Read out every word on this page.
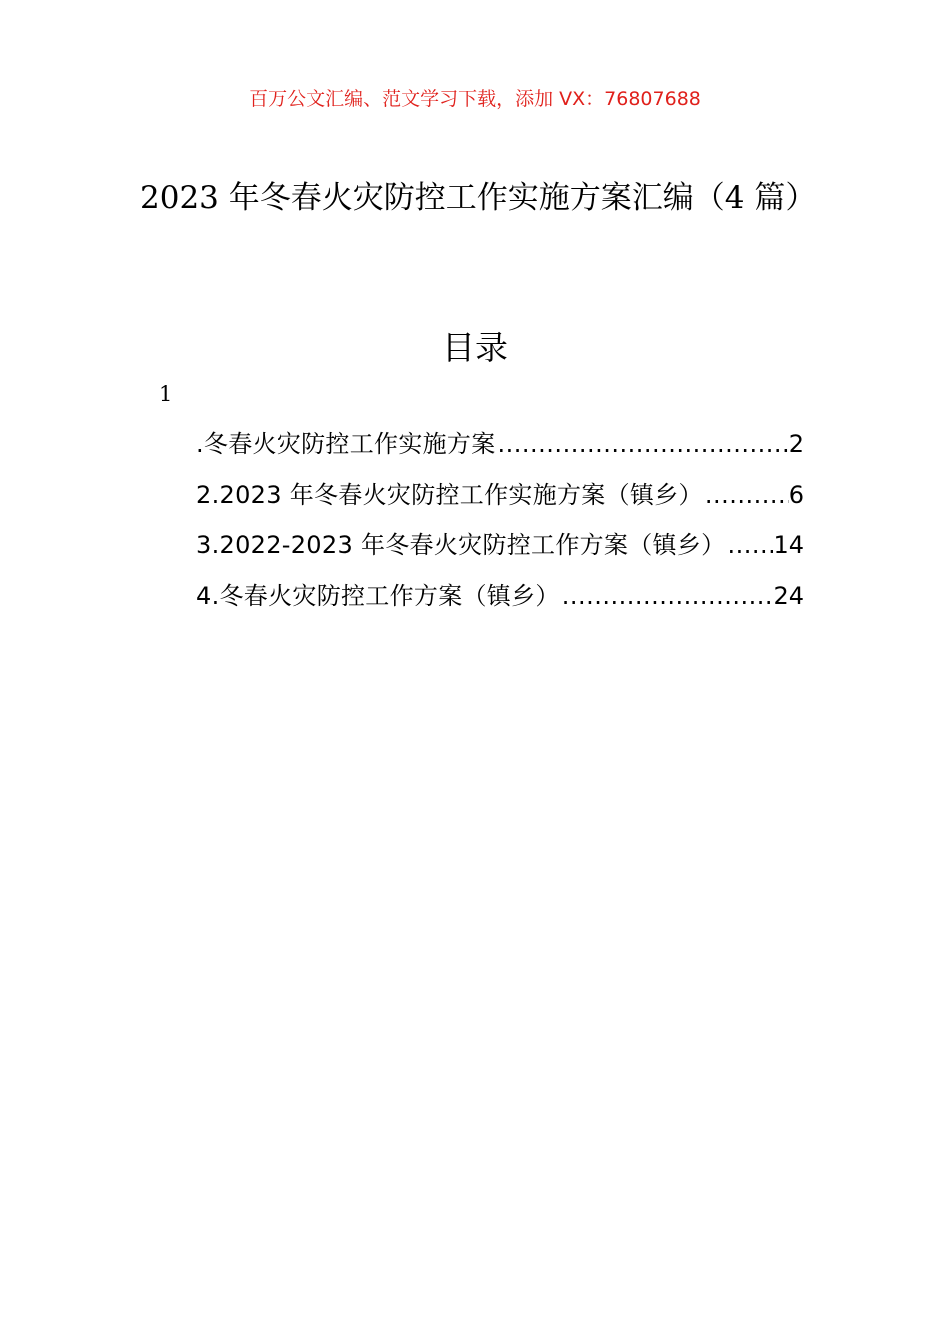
百万公文汇编、范文学习下载，添加 VX：76807688
2023 年冬春火灾防控工作实施方案汇编（4 篇）
目录
1
.冬春火灾防控工作实施方案 .....	2
2.2023 年冬春火灾防控工作实施方案（镇乡） .....	6
3.2022-2023 年冬春火灾防控工作方案（镇乡） ..... 14
4.冬春火灾防控工作方案（镇乡） .....	24
